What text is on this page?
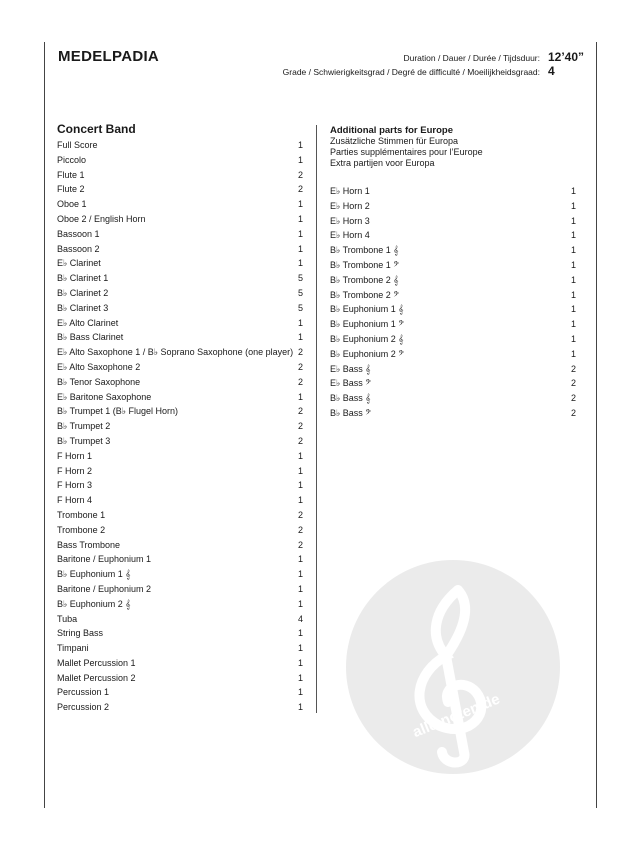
MEDELPADIA	Duration / Dauer / Durée / Tijdsduur: 12’40”
Grade / Schwierigkeitsgrad / Degré de difficulté / Moeilijkheidsgraad: 4
Concert Band
Full Score	1
Piccolo	1
Flute 1	2
Flute 2	2
Oboe 1	1
Oboe 2 / English Horn	1
Bassoon 1	1
Bassoon 2	1
E♭ Clarinet	1
B♭ Clarinet 1	5
B♭ Clarinet 2	5
B♭ Clarinet 3	5
E♭ Alto Clarinet	1
B♭ Bass Clarinet	1
E♭ Alto Saxophone 1 / B♭ Soprano Saxophone (one player) 2
E♭ Alto Saxophone 2	2
B♭ Tenor Saxophone	2
E♭ Baritone Saxophone	1
B♭ Trumpet 1 (B♭ Flugel Horn)	2
B♭ Trumpet 2	2
B♭ Trumpet 3	2
F Horn 1	1
F Horn 2	1
F Horn 3	1
F Horn 4	1
Trombone 1	2
Trombone 2	2
Bass Trombone	2
Baritone / Euphonium 1	1
B♭ Euphonium 1 𝄞	1
Baritone / Euphonium 2	1
B♭ Euphonium 2 𝄞	1
Tuba	4
String Bass	1
Timpani	1
Mallet Percussion 1	1
Mallet Percussion 2	1
Percussion 1	1
Percussion 2	1
Additional parts for Europe
Zusätzliche Stimmen für Europa
Parties supplémentaires pour l’Europe
Extra partijen voor Europa
E♭ Horn 1	1
E♭ Horn 2	1
E♭ Horn 3	1
E♭ Horn 4	1
B♭ Trombone 1 𝄞	1
B♭ Trombone 1 𝄢	1
B♭ Trombone 2 𝄞	1
B♭ Trombone 2 𝄢	1
B♭ Euphonium 1 𝄞	1
B♭ Euphonium 1 𝄢	1
B♭ Euphonium 2 𝄞	1
B♭ Euphonium 2 𝄢	1
E♭ Bass 𝄞	2
E♭ Bass 𝄢	2
B♭ Bass 𝄞	2
B♭ Bass 𝄢	2
alle-noten.de
